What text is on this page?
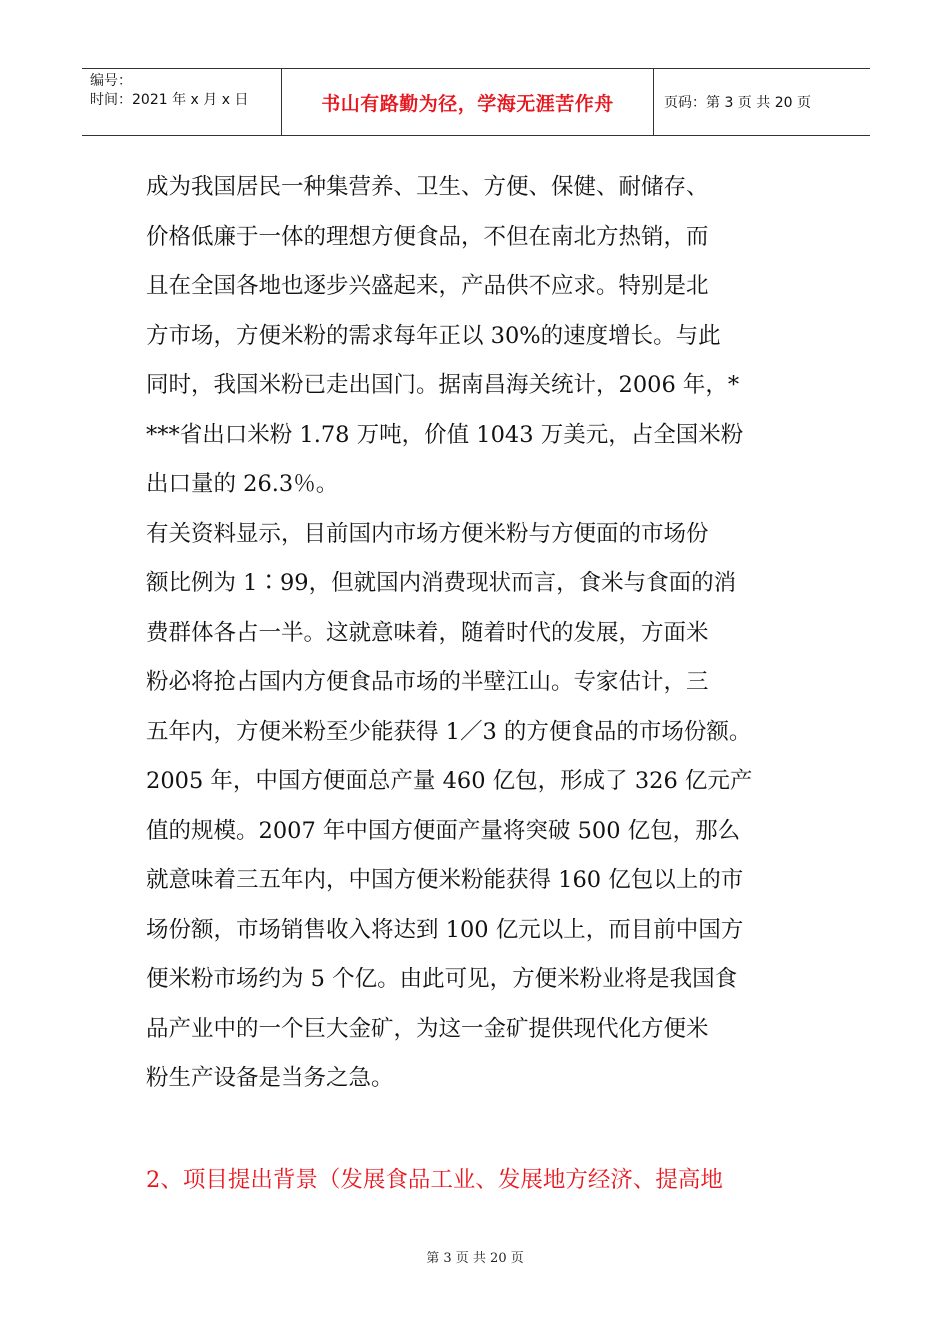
编号：
时间：2021 年 x 月 x 日	书山有路勤为径，学海无涯苦作舟	页码：第 3 页 共 20 页
成为我国居民一种集营养、卫生、方便、保健、耐储存、
价格低廉于一体的理想方便食品，不但在南北方热销，而
且在全国各地也逐步兴盛起来，产品供不应求。特别是北
方市场，方便米粉的需求每年正以 30%的速度增长。与此
同时，我国米粉已走出国门。据南昌海关统计，2006 年，*
***省出口米粉 1.78 万吨，价值 1043 万美元，占全国米粉
出口量的 26.3％。
有关资料显示，目前国内市场方便米粉与方便面的市场份
额比例为 1∶99，但就国内消费现状而言，食米与食面的消
费群体各占一半。这就意味着，随着时代的发展，方面米
粉必将抢占国内方便食品市场的半壁江山。专家估计，三
五年内，方便米粉至少能获得 1／3 的方便食品的市场份额。
2005 年，中国方便面总产量 460 亿包，形成了 326 亿元产
值的规模。2007 年中国方便面产量将突破 500 亿包，那么
就意味着三五年内，中国方便米粉能获得 160 亿包以上的市
场份额，市场销售收入将达到 100 亿元以上，而目前中国方
便米粉市场约为 5 个亿。由此可见，方便米粉业将是我国食
品产业中的一个巨大金矿，为这一金矿提供现代化方便米
粉生产设备是当务之急。
2、项目提出背景（发展食品工业、发展地方经济、提高地
第 3 页 共 20 页
